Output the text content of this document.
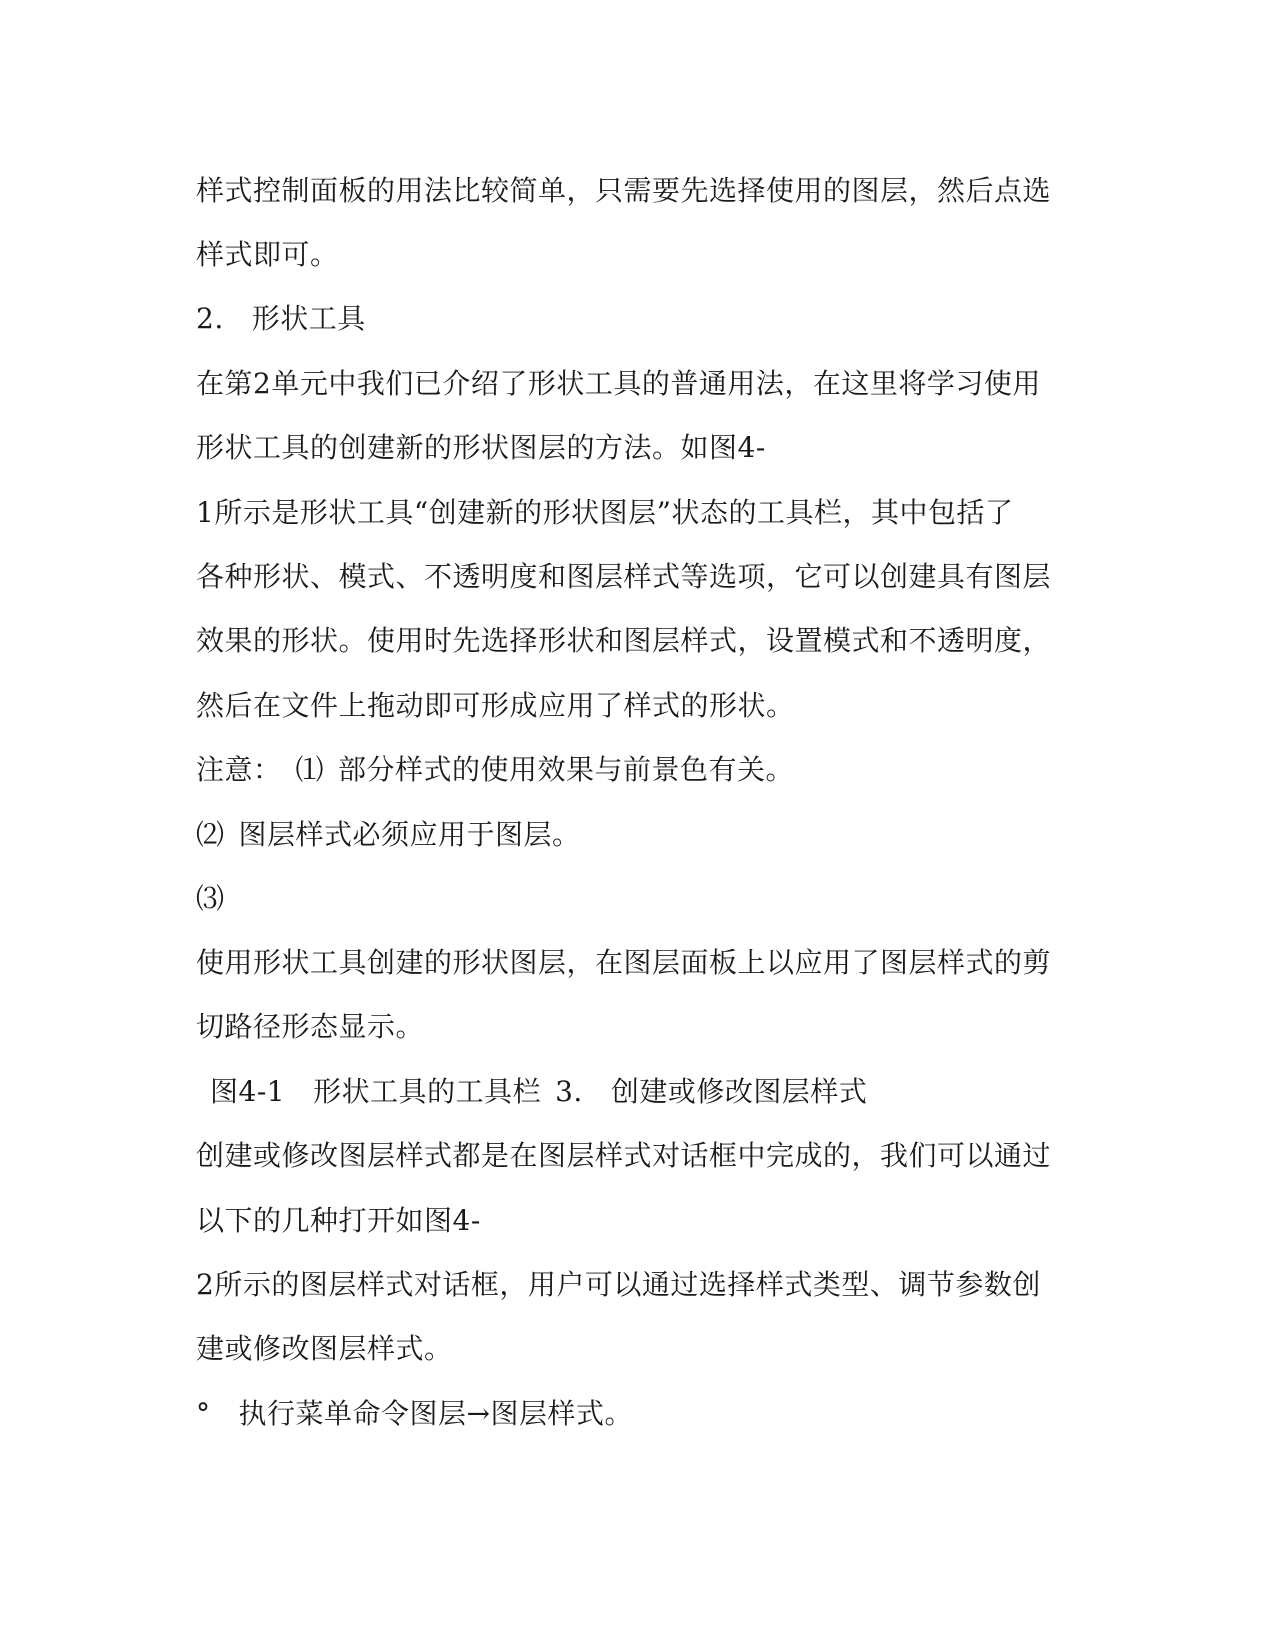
样式控制面板的用法比较简单，只需要先选择使用的图层，然后点选
样式即可。
2. 形状工具
在第2单元中我们已介绍了形状工具的普通用法，在这里将学习使用
形状工具的创建新的形状图层的方法。如图4-
1所示是形状工具“创建新的形状图层”状态的工具栏，其中包括了
各种形状、模式、不透明度和图层样式等选项，它可以创建具有图层
效果的形状。使用时先选择形状和图层样式，设置模式和不透明度，
然后在文件上拖动即可形成应用了样式的形状。
注意： ⑴ 部分样式的使用效果与前景色有关。
⑵ 图层样式必须应用于图层。
⑶
使用形状工具创建的形状图层，在图层面板上以应用了图层样式的剪
切路径形态显示。
图4-1 形状工具的工具栏 3. 创建或修改图层样式
创建或修改图层样式都是在图层样式对话框中完成的，我们可以通过
以下的几种打开如图4-
2所示的图层样式对话框，用户可以通过选择样式类型、调节参数创
建或修改图层样式。
° 执行菜单命令图层→图层样式。
